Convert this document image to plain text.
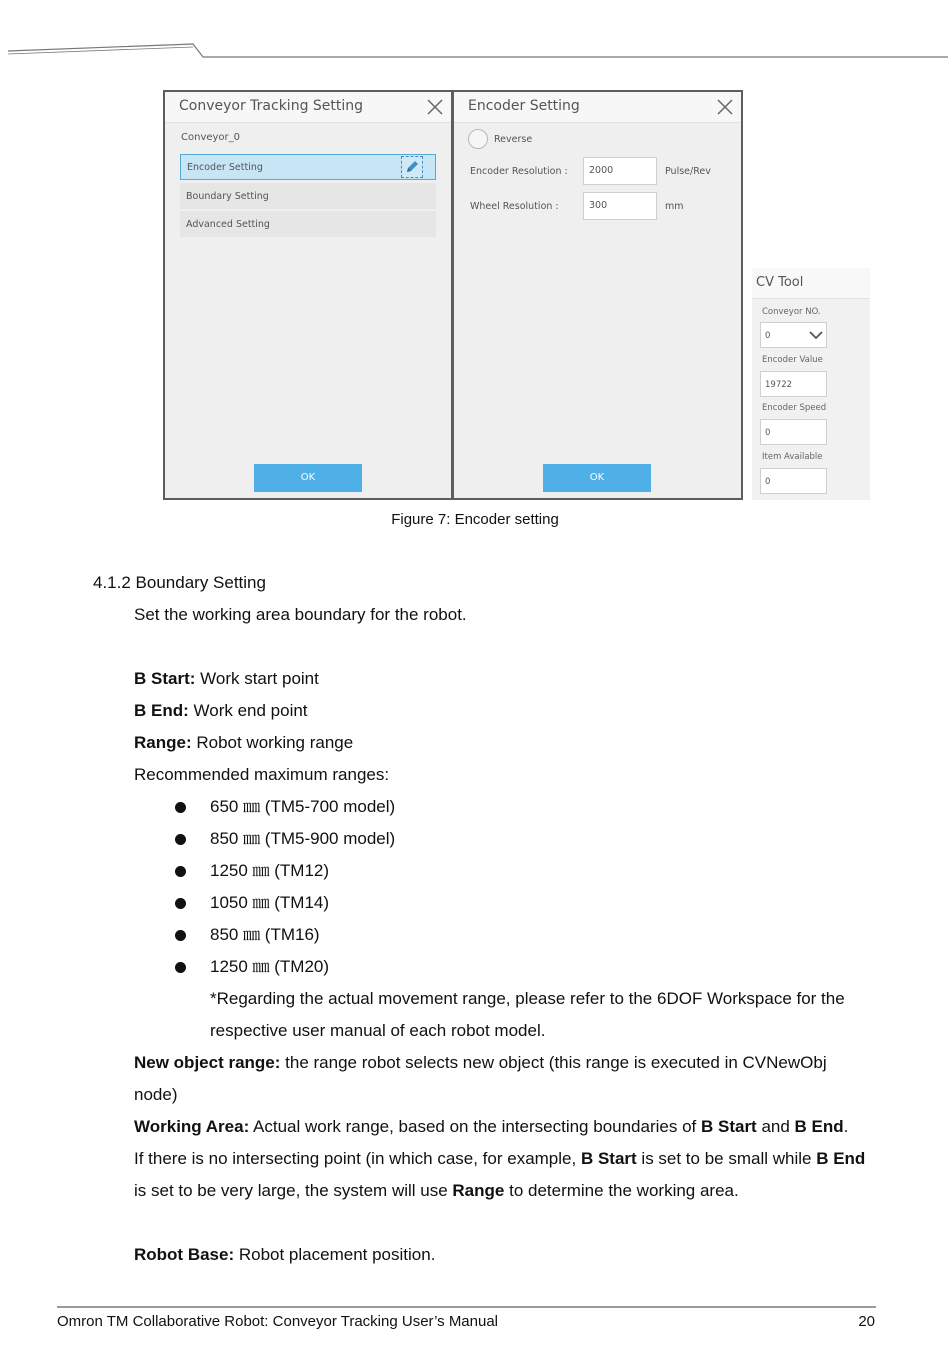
Conveyor Tracking Setting
Conveyor_0
Encoder Setting
Boundary Setting
Advanced Setting
OK
Encoder Setting
Reverse
Encoder Resolution :	2000	Pulse/Rev
Wheel Resolution :	300	mm
OK
CV Tool
Conveyor NO.
0
Encoder Value
19722
Encoder Speed
0
Item Available
0
Figure 7: Encoder setting
4.1.2 Boundary Setting
Set the working area boundary for the robot.
B Start: Work start point
B End: Work end point
Range: Robot working range
Recommended maximum ranges:
650 ㎜ (TM5-700 model)
850 ㎜ (TM5-900 model)
1250 ㎜ (TM12)
1050 ㎜ (TM14)
850 ㎜ (TM16)
1250 ㎜ (TM20)
*Regarding the actual movement range, please refer to the 6DOF Workspace for the
respective user manual of each robot model.
New object range: the range robot selects new object (this range is executed in CVNewObj
node)
Working Area: Actual work range, based on the intersecting boundaries of B Start and B End.
If there is no intersecting point (in which case, for example, B Start is set to be small while B End
is set to be very large, the system will use Range to determine the working area.
Robot Base: Robot placement position.
Omron TM Collaborative Robot: Conveyor Tracking User’s Manual	20
